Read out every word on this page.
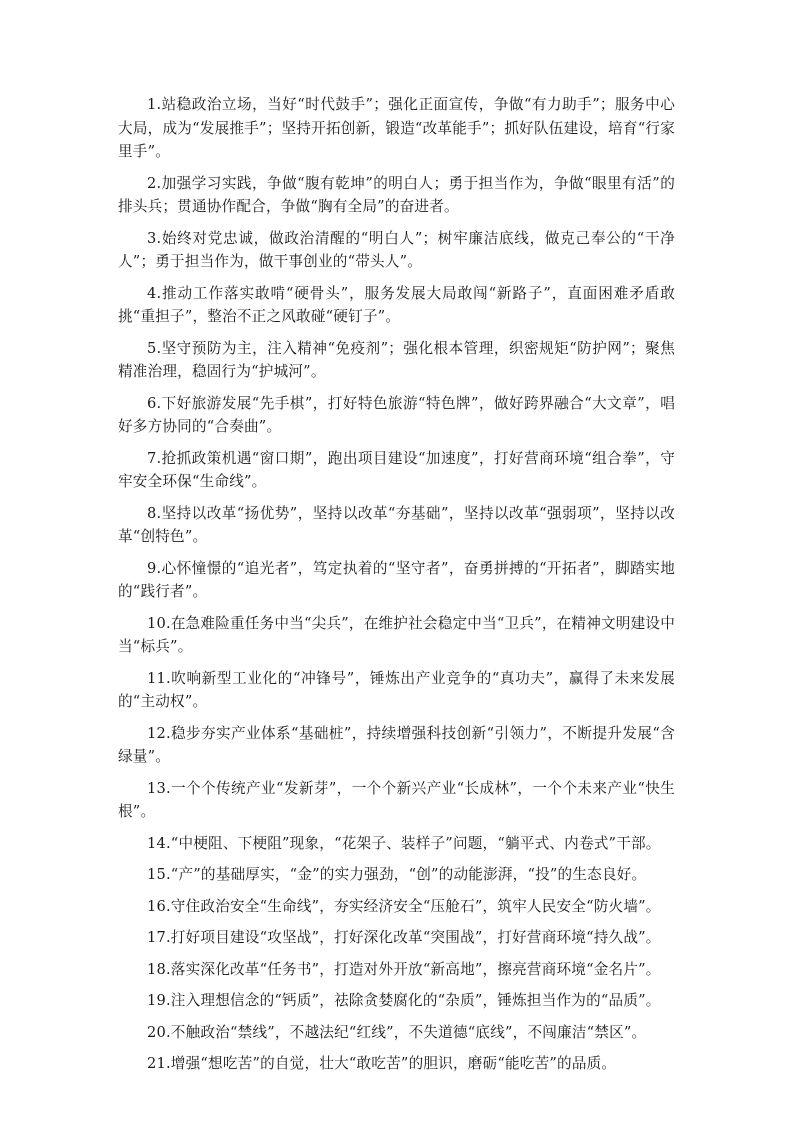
1.站稳政治立场，当好“时代鼓手”；强化正面宣传，争做“有力助手”；服务中心大局，成为“发展推手”；坚持开拓创新，锻造“改革能手”；抓好队伍建设，培育“行家里手”。

2.加强学习实践，争做“腹有乾坤”的明白人；勇于担当作为，争做“眼里有活”的排头兵；贯通协作配合，争做“胸有全局”的奋进者。

3.始终对党忠诚，做政治清醒的“明白人”；树牢廉洁底线，做克己奉公的“干净人”；勇于担当作为，做干事创业的“带头人”。

4.推动工作落实敢啃“硬骨头”，服务发展大局敢闯“新路子”，直面困难矛盾敢挑“重担子”，整治不正之风敢碰“硬钉子”。

5.坚守预防为主，注入精神“免疫剂”；强化根本管理，织密规矩“防护网”；聚焦精准治理，稳固行为“护城河”。

6.下好旅游发展“先手棋”，打好特色旅游“特色牌”，做好跨界融合“大文章”，唱好多方协同的“合奏曲”。

7.抢抓政策机遇“窗口期”，跑出项目建设“加速度”，打好营商环境“组合拳”，守牢安全环保“生命线”。

8.坚持以改革“扬优势”，坚持以改革“夯基础”，坚持以改革“强弱项”，坚持以改革“创特色”。

9.心怀憧憬的“追光者”，笃定执着的“坚守者”，奋勇拼搏的“开拓者”，脚踏实地的“践行者”。

10.在急难险重任务中当“尖兵”，在维护社会稳定中当“卫兵”，在精神文明建设中当“标兵”。

11.吹响新型工业化的“冲锋号”，锤炼出产业竞争的“真功夫”，赢得了未来发展的“主动权”。

12.稳步夯实产业体系“基础桩”，持续增强科技创新“引领力”，不断提升发展“含绿量”。

13.一个个传统产业“发新芽”，一个个新兴产业“长成林”，一个个未来产业“快生根”。

14.“中梗阻、下梗阻”现象，“花架子、装样子”问题，“躺平式、内卷式”干部。

15.“产”的基础厚实，“金”的实力强劲，“创”的动能澎湃，“投”的生态良好。

16.守住政治安全“生命线”，夯实经济安全“压舱石”，筑牢人民安全“防火墙”。

17.打好项目建设“攻坚战”，打好深化改革“突围战”，打好营商环境“持久战”。

18.落实深化改革“任务书”，打造对外开放“新高地”，擦亮营商环境“金名片”。

19.注入理想信念的“钙质”，祛除贪婪腐化的“杂质”，锤炼担当作为的“品质”。

20.不触政治“禁线”，不越法纪“红线”，不失道德“底线”，不闯廉洁“禁区”。

21.增强“想吃苦”的自觉，壮大“敢吃苦”的胆识，磨砺“能吃苦”的品质。
